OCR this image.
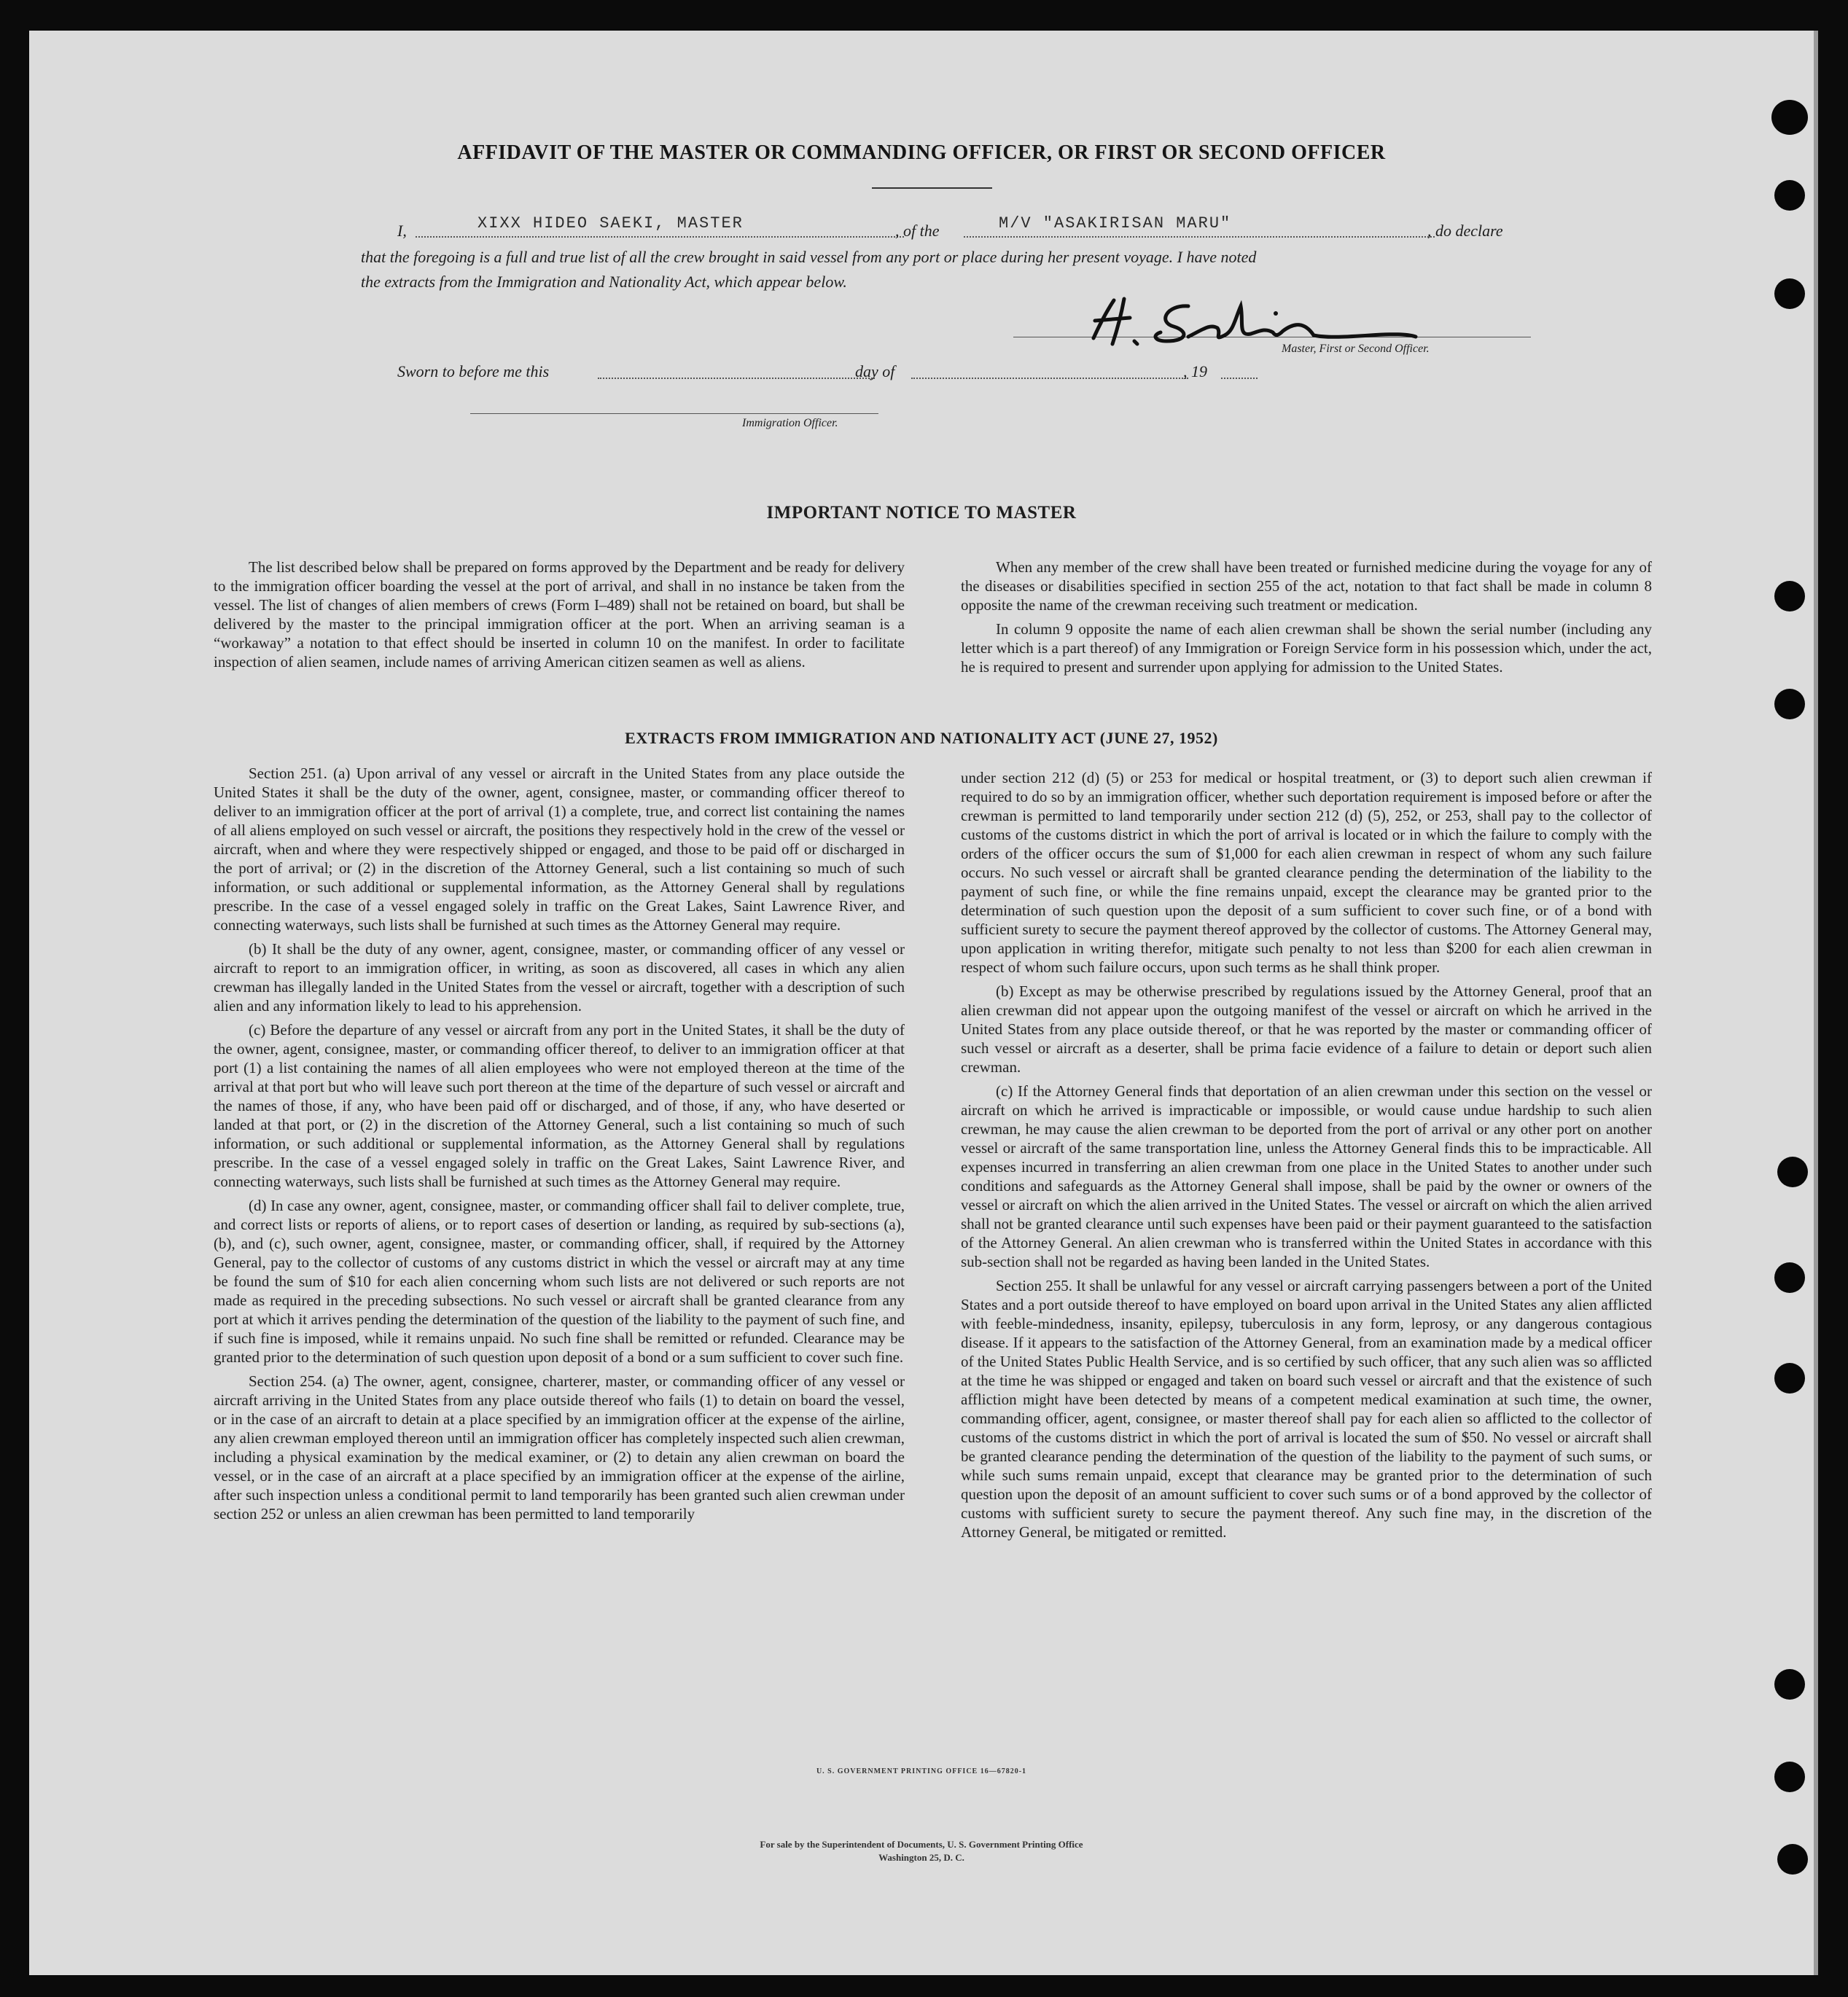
AFFIDAVIT OF THE MASTER OR COMMANDING OFFICER, OR FIRST OR SECOND OFFICER
I,	XIXX HIDEO SAEKI, MASTER	, of the	M/V "ASAKIRISAN MARU"	, do declare
that the foregoing is a full and true list of all the crew brought in said vessel from any port or place during her present voyage. I have noted
the extracts from the Immigration and Nationality Act, which appear below.
Master, First or Second Officer.
Sworn to before me this	day of	, 19
Immigration Officer.
IMPORTANT NOTICE TO MASTER

The list described below shall be prepared on forms approved by the Department and be ready for delivery to the immigration officer boarding the vessel at the port of arrival, and shall in no instance be taken from the vessel. The list of changes of alien members of crews (Form I–489) shall not be retained on board, but shall be delivered by the master to the principal immigration officer at the port. When an arriving seaman is a “workaway” a notation to that effect should be inserted in column 10 on the manifest. In order to facilitate inspection of alien seamen, include names of arriving American citizen seamen as well as aliens.

When any member of the crew shall have been treated or furnished medicine during the voyage for any of the diseases or disabilities specified in section 255 of the act, notation to that fact shall be made in column 8 opposite the name of the crewman receiving such treatment or medication.

In column 9 opposite the name of each alien crewman shall be shown the serial number (including any letter which is a part thereof) of any Immigration or Foreign Service form in his possession which, under the act, he is required to present and surrender upon applying for admission to the United States.

EXTRACTS FROM IMMIGRATION AND NATIONALITY ACT (JUNE 27, 1952)

Section 251. (a) Upon arrival of any vessel or aircraft in the United States from any place outside the United States it shall be the duty of the owner, agent, consignee, master, or commanding officer thereof to deliver to an immigration officer at the port of arrival (1) a complete, true, and correct list containing the names of all aliens employed on such vessel or aircraft, the positions they respectively hold in the crew of the vessel or aircraft, when and where they were respectively shipped or engaged, and those to be paid off or discharged in the port of arrival; or (2) in the discretion of the Attorney General, such a list containing so much of such information, or such additional or supplemental information, as the Attorney General shall by regulations prescribe. In the case of a vessel engaged solely in traffic on the Great Lakes, Saint Lawrence River, and connecting waterways, such lists shall be furnished at such times as the Attorney General may require.

(b) It shall be the duty of any owner, agent, consignee, master, or commanding officer of any vessel or aircraft to report to an immigration officer, in writing, as soon as discovered, all cases in which any alien crewman has illegally landed in the United States from the vessel or aircraft, together with a description of such alien and any information likely to lead to his apprehension.

(c) Before the departure of any vessel or aircraft from any port in the United States, it shall be the duty of the owner, agent, consignee, master, or commanding officer thereof, to deliver to an immigration officer at that port (1) a list containing the names of all alien employees who were not employed thereon at the time of the arrival at that port but who will leave such port thereon at the time of the departure of such vessel or aircraft and the names of those, if any, who have been paid off or discharged, and of those, if any, who have deserted or landed at that port, or (2) in the discretion of the Attorney General, such a list containing so much of such information, or such additional or supplemental information, as the Attorney General shall by regulations prescribe. In the case of a vessel engaged solely in traffic on the Great Lakes, Saint Lawrence River, and connecting waterways, such lists shall be furnished at such times as the Attorney General may require.

(d) In case any owner, agent, consignee, master, or commanding officer shall fail to deliver complete, true, and correct lists or reports of aliens, or to report cases of desertion or landing, as required by sub-sections (a), (b), and (c), such owner, agent, consignee, master, or commanding officer, shall, if required by the Attorney General, pay to the collector of customs of any customs district in which the vessel or aircraft may at any time be found the sum of $10 for each alien concerning whom such lists are not delivered or such reports are not made as required in the preceding subsections. No such vessel or aircraft shall be granted clearance from any port at which it arrives pending the determination of the question of the liability to the payment of such fine, and if such fine is imposed, while it remains unpaid. No such fine shall be remitted or refunded. Clearance may be granted prior to the determination of such question upon deposit of a bond or a sum sufficient to cover such fine.

Section 254. (a) The owner, agent, consignee, charterer, master, or commanding officer of any vessel or aircraft arriving in the United States from any place outside thereof who fails (1) to detain on board the vessel, or in the case of an aircraft to detain at a place specified by an immigration officer at the expense of the airline, any alien crewman employed thereon until an immigration officer has completely inspected such alien crewman, including a physical examination by the medical examiner, or (2) to detain any alien crewman on board the vessel, or in the case of an aircraft at a place specified by an immigration officer at the expense of the airline, after such inspection unless a conditional permit to land temporarily has been granted such alien crewman under section 252 or unless an alien crewman has been permitted to land temporarily

under section 212 (d) (5) or 253 for medical or hospital treatment, or (3) to deport such alien crewman if required to do so by an immigration officer, whether such deportation requirement is imposed before or after the crewman is permitted to land temporarily under section 212 (d) (5), 252, or 253, shall pay to the collector of customs of the customs district in which the port of arrival is located or in which the failure to comply with the orders of the officer occurs the sum of $1,000 for each alien crewman in respect of whom any such failure occurs. No such vessel or aircraft shall be granted clearance pending the determination of the liability to the payment of such fine, or while the fine remains unpaid, except the clearance may be granted prior to the determination of such question upon the deposit of a sum sufficient to cover such fine, or of a bond with sufficient surety to secure the payment thereof approved by the collector of customs. The Attorney General may, upon application in writing therefor, mitigate such penalty to not less than $200 for each alien crewman in respect of whom such failure occurs, upon such terms as he shall think proper.

(b) Except as may be otherwise prescribed by regulations issued by the Attorney General, proof that an alien crewman did not appear upon the outgoing manifest of the vessel or aircraft on which he arrived in the United States from any place outside thereof, or that he was reported by the master or commanding officer of such vessel or aircraft as a deserter, shall be prima facie evidence of a failure to detain or deport such alien crewman.

(c) If the Attorney General finds that deportation of an alien crewman under this section on the vessel or aircraft on which he arrived is impracticable or impossible, or would cause undue hardship to such alien crewman, he may cause the alien crewman to be deported from the port of arrival or any other port on another vessel or aircraft of the same transportation line, unless the Attorney General finds this to be impracticable. All expenses incurred in transferring an alien crewman from one place in the United States to another under such conditions and safeguards as the Attorney General shall impose, shall be paid by the owner or owners of the vessel or aircraft on which the alien arrived in the United States. The vessel or aircraft on which the alien arrived shall not be granted clearance until such expenses have been paid or their payment guaranteed to the satisfaction of the Attorney General. An alien crewman who is transferred within the United States in accordance with this sub-section shall not be regarded as having been landed in the United States.

Section 255. It shall be unlawful for any vessel or aircraft carrying passengers between a port of the United States and a port outside thereof to have employed on board upon arrival in the United States any alien afflicted with feeble-mindedness, insanity, epilepsy, tuberculosis in any form, leprosy, or any dangerous contagious disease. If it appears to the satisfaction of the Attorney General, from an examination made by a medical officer of the United States Public Health Service, and is so certified by such officer, that any such alien was so afflicted at the time he was shipped or engaged and taken on board such vessel or aircraft and that the existence of such affliction might have been detected by means of a competent medical examination at such time, the owner, commanding officer, agent, consignee, or master thereof shall pay for each alien so afflicted to the collector of customs of the customs district in which the port of arrival is located the sum of $50. No vessel or aircraft shall be granted clearance pending the determination of the question of the liability to the payment of such sums, or while such sums remain unpaid, except that clearance may be granted prior to the determination of such question upon the deposit of an amount sufficient to cover such sums or of a bond approved by the collector of customs with sufficient surety to secure the payment thereof. Any such fine may, in the discretion of the Attorney General, be mitigated or remitted.

U. S. GOVERNMENT PRINTING OFFICE 16—67820-1
For sale by the Superintendent of Documents, U. S. Government Printing Office
Washington 25, D. C.
